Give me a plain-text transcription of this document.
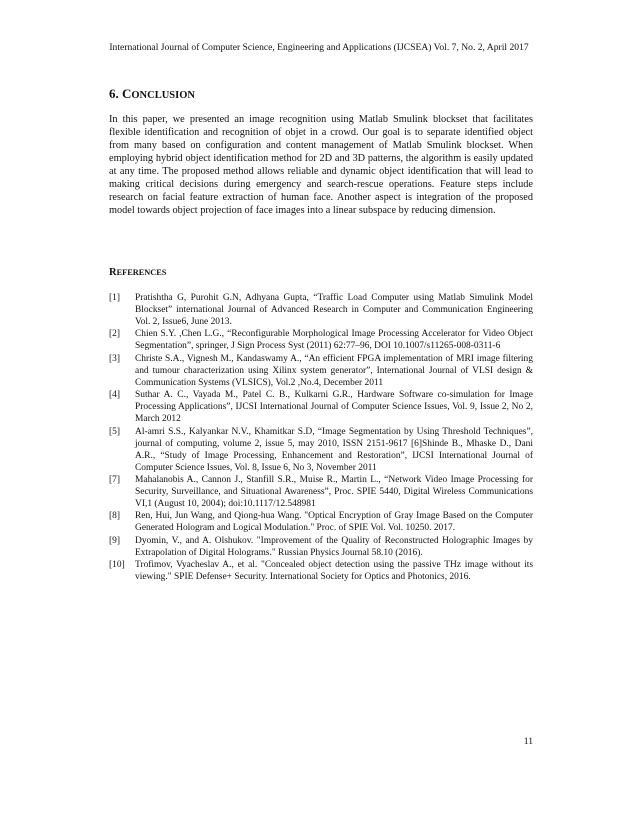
International Journal of Computer Science, Engineering and Applications (IJCSEA) Vol. 7, No. 2, April 2017
6. CONCLUSION

In this paper, we presented an image recognition using Matlab Smulink blockset that facilitates flexible identification and recognition of objet in a crowd. Our goal is to separate identified object from many based on configuration and content management of Matlab Smulink blockset. When employing hybrid object identification method for 2D and 3D patterns, the algorithm is easily updated at any time. The proposed method allows reliable and dynamic object identification that will lead to making critical decisions during emergency and search-rescue operations. Feature steps include research on facial feature extraction of human face. Another aspect is integration of the proposed model towards object projection of face images into a linear subspace by reducing dimension.

REFERENCES
[1]	Pratishtha G, Purohit G.N, Adhyana Gupta, “Traffic Load Computer using Matlab Simulink Model Blockset” international Journal of Advanced Research in Computer and Communication Engineering Vol. 2, Issue6, June 2013.
[2]	Chien S.Y. ,Chen L.G., “Reconfigurable Morphological Image Processing Accelerator for Video Object Segmentation”, springer, J Sign Process Syst (2011) 62:77–96, DOI 10.1007/s11265-008-0311-6
[3]	Christe S.A., Vignesh M., Kandaswamy A., “An efficient FPGA implementation of MRI image filtering and tumour characterization using Xilinx system generator”, International Journal of VLSI design & Communication Systems (VLSICS), Vol.2 ,No.4, December 2011
[4]	Suthar A. C., Vayada M., Patel C. B., Kulkarni G.R., Hardware Software co-simulation for Image Processing Applications”, IJCSI International Journal of Computer Science Issues, Vol. 9, Issue 2, No 2, March 2012
[5]	Al-amri S.S., Kalyankar N.V., Khamitkar S.D, “Image Segmentation by Using Threshold Techniques”, journal of computing, volume 2, issue 5, may 2010, ISSN 2151-9617 [6]Shinde B., Mhaske D., Dani A.R., “Study of Image Processing, Enhancement and Restoration”, IJCSI International Journal of Computer Science Issues, Vol. 8, Issue 6, No 3, November 2011
[7]	Mahalanobis A., Cannon J., Stanfill S.R., Muise R., Martin L., “Network Video Image Processing for Security, Surveillance, and Situational Awareness”, Proc. SPIE 5440, Digital Wireless Communications VI,1 (August 10, 2004); doi:10.1117/12.548981
[8]	Ren, Hui, Jun Wang, and Qiong-hua Wang. "Optical Encryption of Gray Image Based on the Computer Generated Hologram and Logical Modulation." Proc. of SPIE Vol. Vol. 10250. 2017.
[9]	Dyomin, V., and A. Olshukov. "Improvement of the Quality of Reconstructed Holographic Images by Extrapolation of Digital Holograms." Russian Physics Journal 58.10 (2016).
[10]	Trofimov, Vyacheslav A., et al. "Concealed object detection using the passive THz image without its viewing." SPIE Defense+ Security. International Society for Optics and Photonics, 2016.
11
